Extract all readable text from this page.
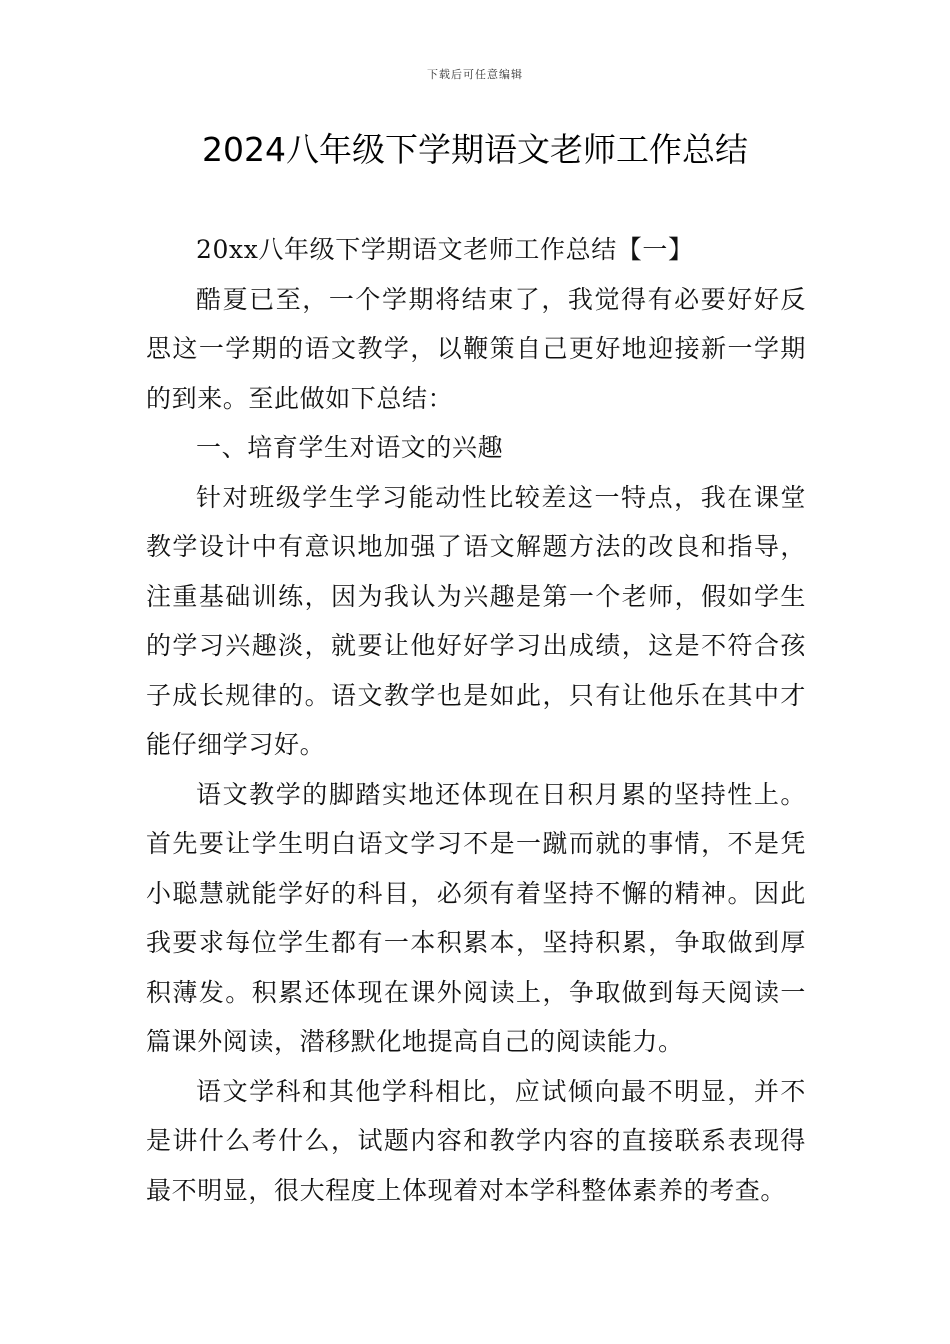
下载后可任意编辑
2024八年级下学期语文老师工作总结

20xx八年级下学期语文老师工作总结【一】

酷夏已至，一个学期将结束了，我觉得有必要好好反思这一学期的语文教学，以鞭策自己更好地迎接新一学期的到来。至此做如下总结：

一、培育学生对语文的兴趣

针对班级学生学习能动性比较差这一特点，我在课堂教学设计中有意识地加强了语文解题方法的改良和指导，注重基础训练，因为我认为兴趣是第一个老师，假如学生的学习兴趣淡，就要让他好好学习出成绩，这是不符合孩子成长规律的。语文教学也是如此，只有让他乐在其中才能仔细学习好。

语文教学的脚踏实地还体现在日积月累的坚持性上。首先要让学生明白语文学习不是一蹴而就的事情，不是凭小聪慧就能学好的科目，必须有着坚持不懈的精神。因此我要求每位学生都有一本积累本，坚持积累，争取做到厚积薄发。积累还体现在课外阅读上，争取做到每天阅读一篇课外阅读，潜移默化地提高自己的阅读能力。

语文学科和其他学科相比，应试倾向最不明显，并不是讲什么考什么，试题内容和教学内容的直接联系表现得最不明显，很大程度上体现着对本学科整体素养的考查。
